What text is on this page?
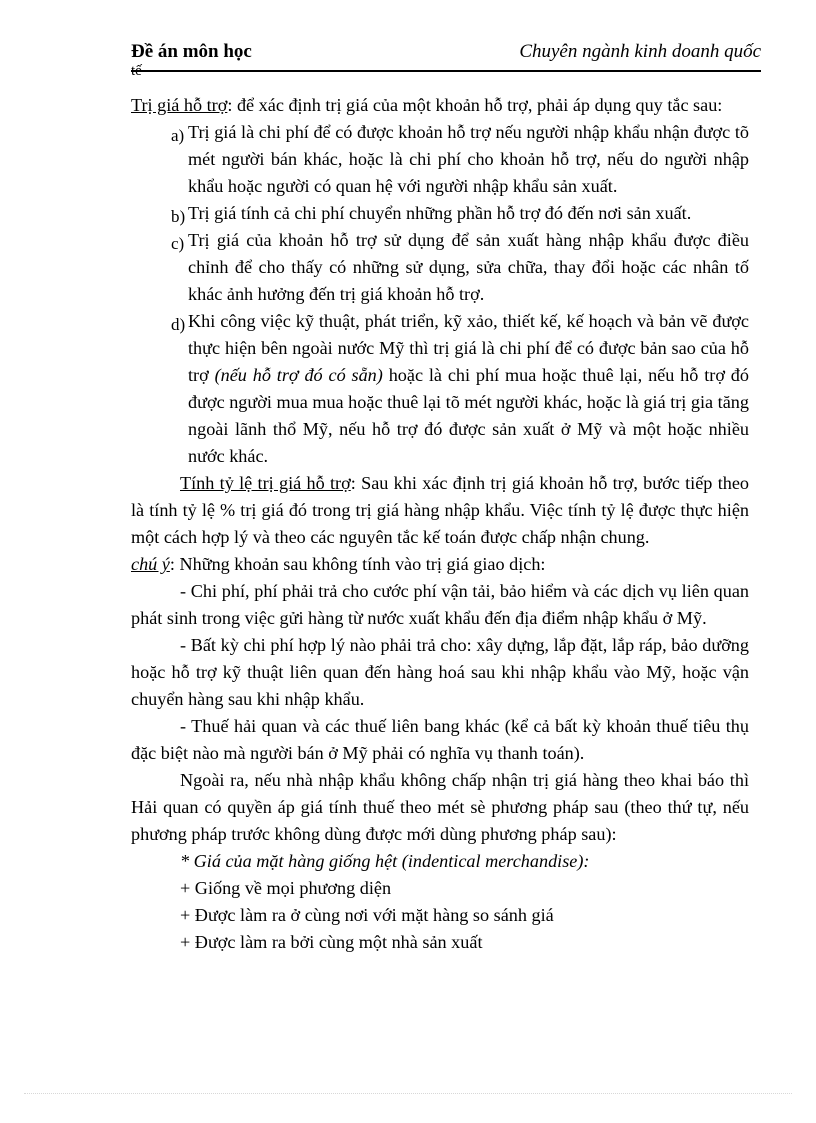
Đề án môn học	Chuyên ngành kinh doanh quốc
tế

Trị giá hỗ trợ: để xác định trị giá của một khoản hỗ trợ, phải áp dụng quy tắc sau:

a) Trị giá là chi phí để có được khoản hỗ trợ nếu người nhập khẩu nhận được tõ mét người bán khác, hoặc là chi phí cho khoản hỗ trợ, nếu do người nhập khẩu hoặc người có quan hệ với người nhập khẩu sản xuất.
b) Trị giá tính cả chi phí chuyển những phần hỗ trợ đó đến nơi sản xuất.
c) Trị giá của khoản hỗ trợ sử dụng để sản xuất hàng nhập khẩu được điều chỉnh để cho thấy có những sử dụng, sửa chữa, thay đổi hoặc các nhân tố khác ảnh hưởng đến trị giá khoản hỗ trợ.
d) Khi công việc kỹ thuật, phát triển, kỹ xảo, thiết kế, kế hoạch và bản vẽ được thực hiện bên ngoài nước Mỹ thì trị giá là chi phí để có được bản sao của hỗ trợ (nếu hỗ trợ đó có sẵn) hoặc là chi phí mua hoặc thuê lại, nếu hỗ trợ đó được người mua mua hoặc thuê lại tõ mét người khác, hoặc là giá trị gia tăng ngoài lãnh thổ Mỹ, nếu hỗ trợ đó được sản xuất ở Mỹ và một hoặc nhiều nước khác.

Tính tỷ lệ trị giá hỗ trợ: Sau khi xác định trị giá khoản hỗ trợ, bước tiếp theo là tính tỷ lệ % trị giá đó trong trị giá hàng nhập khẩu. Việc tính tỷ lệ được thực hiện một cách hợp lý và theo các nguyên tắc kế toán được chấp nhận chung.

chú ý: Những khoản sau không tính vào trị giá giao dịch:

- Chi phí, phí phải trả cho cước phí vận tải, bảo hiểm và các dịch vụ liên quan phát sinh trong việc gửi hàng từ nước xuất khẩu đến địa điểm nhập khẩu ở Mỹ.

- Bất kỳ chi phí hợp lý nào phải trả cho: xây dựng, lắp đặt, lắp ráp, bảo dưỡng hoặc hỗ trợ kỹ thuật liên quan đến hàng hoá sau khi nhập khẩu vào Mỹ, hoặc vận chuyển hàng sau khi nhập khẩu.

- Thuế hải quan và các thuế liên bang khác (kể cả bất kỳ khoản thuế tiêu thụ đặc biệt nào mà người bán ở Mỹ phải có nghĩa vụ thanh toán).

Ngoài ra, nếu nhà nhập khẩu không chấp nhận trị giá hàng theo khai báo thì Hải quan có quyền áp giá tính thuế theo mét sè phương pháp sau (theo thứ tự, nếu phương pháp trước không dùng được mới dùng phương pháp sau):

* Giá của mặt hàng giống hệt (indentical merchandise):
+ Giống về mọi phương diện
+ Được làm ra ở cùng nơi với mặt hàng so sánh giá
+ Được làm ra bởi cùng một nhà sản xuất
